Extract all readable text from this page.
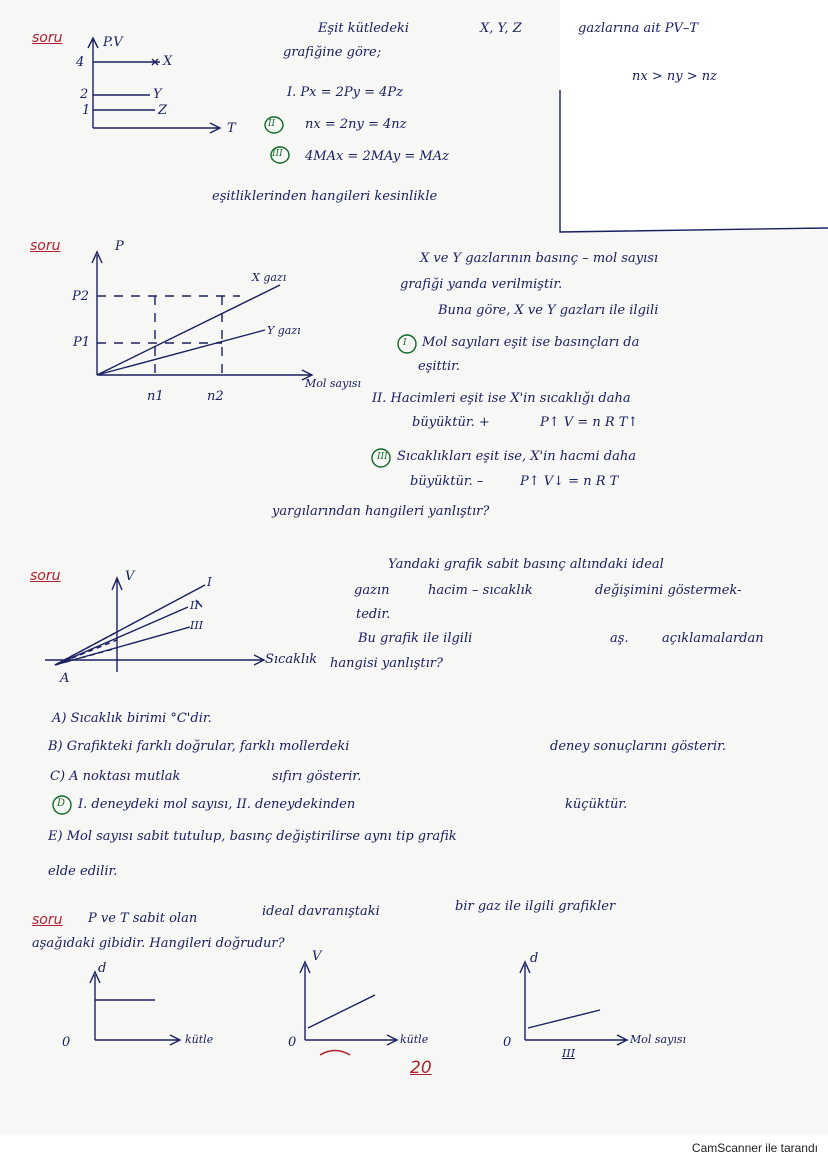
soru	P.V
4
2
1
X
Y
Z
T
Eşit kütledeki	X, Y, Z	gazlarına ait PV–T
grafiğine göre;
I. Px = 2Py = 4Pz
II nx = 2ny = 4nz
III 4MAx = 2MAy = MAz
eşitliklerinden hangileri kesinlikle
nx > ny > nz
soru	P
P2
P1
n1	n2
X gazı
Y gazı
Mol sayısı
X ve Y gazlarının basınç – mol sayısı
grafiği yanda verilmiştir.
Buna göre, X ve Y gazları ile ilgili
I Mol sayıları eşit ise basınçları da
eşittir.
II. Hacimleri eşit ise X'in sıcaklığı daha
büyüktür. +	P↑ V = n R T↑
III Sıcaklıkları eşit ise, X'in hacmi daha
büyüktür. –	P↑ V↓ = n R T
yargılarından hangileri yanlıştır?
soru	V	I
II
III
Sıcaklık
A
Yandaki grafik sabit basınç altındaki ideal
gazın	hacim – sıcaklık	değişimini göstermek-
tedir.
Bu grafik ile ilgili	aş.	açıklamalardan
hangisi yanlıştır?
A) Sıcaklık birimi °C'dir.
B) Grafikteki farklı doğrular, farklı mollerdeki	deney sonuçlarını gösterir.
C) A noktası mutlak	sıfırı gösterir.
D I. deneydeki mol sayısı, II. deneydekinden	küçüktür.
E) Mol sayısı sabit tutulup, basınç değiştirilirse aynı tip grafik
elde edilir.
soru P ve T sabit olan	ideal davranıştaki	bir gaz ile ilgili grafikler
aşağıdaki gibidir. Hangileri doğrudur?
d
kütle
0
V
kütle
0
d
Mol sayısı
0
III
20
CamScanner ile tarandı
